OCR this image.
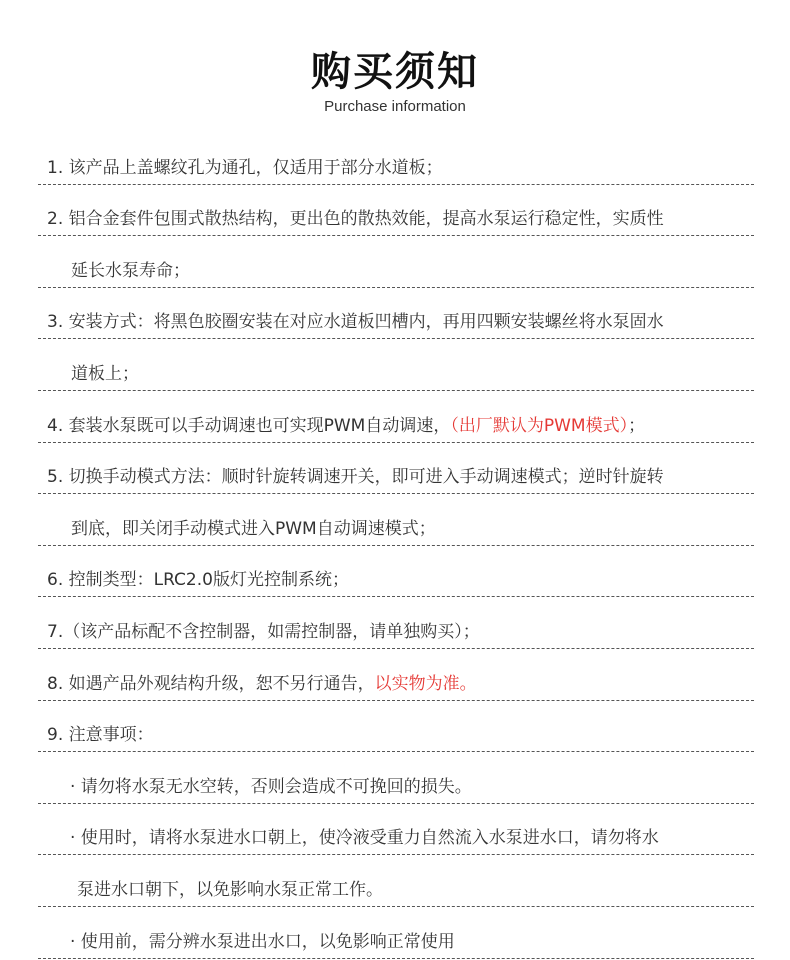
购买须知
Purchase information
1. 该产品上盖螺纹孔为通孔，仅适用于部分水道板；
2. 铝合金套件包围式散热结构，更出色的散热效能，提高水泵运行稳定性，实质性
延长水泵寿命；
3. 安装方式：将黑色胶圈安装在对应水道板凹槽内，再用四颗安装螺丝将水泵固水
道板上；
4. 套装水泵既可以手动调速也可实现PWM自动调速，（出厂默认为PWM模式）；
5. 切换手动模式方法：顺时针旋转调速开关，即可进入手动调速模式；逆时针旋转
到底，即关闭手动模式进入PWM自动调速模式；
6. 控制类型：LRC2.0版灯光控制系统；
7.（该产品标配不含控制器，如需控制器，请单独购买）；
8. 如遇产品外观结构升级，恕不另行通告，以实物为准。
9. 注意事项：
· 请勿将水泵无水空转，否则会造成不可挽回的损失。
· 使用时，请将水泵进水口朝上，使冷液受重力自然流入水泵进水口，请勿将水
泵进水口朝下，以免影响水泵正常工作。
· 使用前，需分辨水泵进出水口，以免影响正常使用
